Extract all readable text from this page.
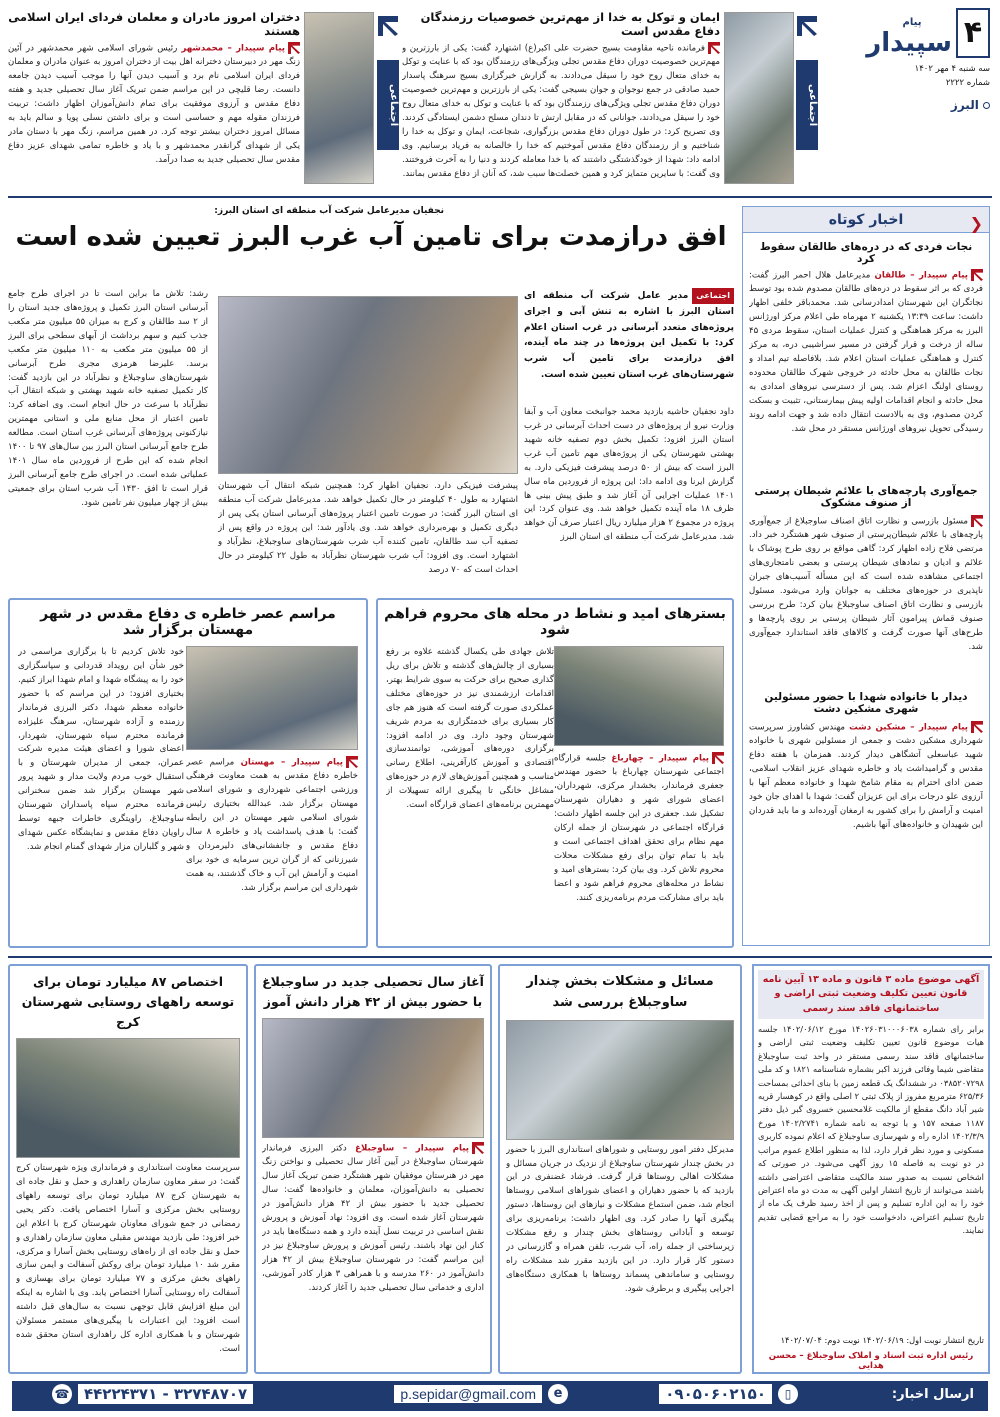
۴
پیام
سپیدار
سه شنبه ۴ مهر ۱۴۰۲
شماره ۲۲۲۲
البرز
اجتماعی
ایمان و توکل به خدا از مهم‌ترین خصوصیات رزمندگان دفاع مقدس است
فرمانده ناحیه مقاومت بسیج حضرت علی اکبر(ع) اشتهارد گفت: یکی از بارزترین و مهم‌ترین خصوصیت دوران دفاع مقدس تجلی ویژگی‌های رزمندگان بود که با عنایت و توکل به خدای متعال روح خود را سیقل می‌دادند. به گزارش خبرگزاری بسیج سرهنگ پاسدار حمید صادقی در جمع نوجوان و جوان بسیجی گفت: یکی از بارزترین و مهم‌ترین خصوصیت دوران دفاع مقدس تجلی ویژگی‌های رزمندگان بود که با عنایت و توکل به خدای متعال روح خود را سیقل می‌دادند، جوانانی که در مقابل ارتش تا دندان مسلح دشمن ایستادگی کردند. وی تصریح کرد: در طول دوران دفاع مقدس بزرگواری، شجاعت، ایمان و توکل به خدا را شناختیم و از رزمندگان دفاع مقدس آموختیم که خدا را خالصانه به فریاد برسانیم. وی ادامه داد: شهدا از خودگذشتگی داشتند که با خدا معامله کردند و دنیا را به آخرت فروختند. وی گفت: با سایرین متمایز کرد و همین خصلت‌ها سبب شد، که آنان از دفاع مقدس بمانند.
اجتماعی
دختران امروز مادران و معلمان فردای ایران اسلامی هستند
پیام سپیدار – محمدشهر رئیس شورای اسلامی شهر محمدشهر در آئین زنگ مهر در دبیرستان دخترانه اهل بیت از دختران امروز به عنوان مادران و معلمان فردای ایران اسلامی نام برد و آسیب دیدن آنها را موجب آسیب دیدن جامعه دانست. رضا قلیچی در این مراسم ضمن تبریک آغاز سال تحصیلی جدید و هفته دفاع مقدس و آرزوی موفقیت برای تمام دانش‌آموزان اظهار داشت: تربیت فرزندان مقوله مهم و حساسی است و برای داشتن نسلی پویا و سالم باید به مسائل امروز دختران بیشتر توجه کرد. در همین مراسم، زنگ مهر با دستان مادر یکی از شهدای گرانقدر محمدشهر و با یاد و خاطره تمامی شهدای عزیز دفاع مقدس سال تحصیلی جدید به صدا درآمد.
اخبار کوتاه	❮
نجات فردی که در دره‌های طالقان سقوط کرد
پیام سپیدار – طالقان مدیرعامل هلال احمر البرز گفت: فردی که بر اثر سقوط در دره‌های طالقان مصدوم شده بود توسط نجاتگران این شهرستان امدادرسانی شد. محمدباقر خلفی اظهار داشت: ساعت ۱۳:۳۹ یکشنبه ۲ مهرماه طی اعلام مرکز اورژانس البرز به مرکز هماهنگی و کنترل عملیات استان، سقوط مردی ۴۵ ساله از درخت و قرار گرفتن در مسیر سراشیبی دره، به مرکز کنترل و هماهنگی عملیات استان اعلام شد. بلافاصله تیم امداد و نجات طالقان به محل حادثه در خروجی شهرک طالقان محدوده روستای اولنگ اعزام شد. پس از دسترسی نیروهای امدادی به محل حادثه و انجام اقدامات اولیه پیش بیمارستانی، تثبیت و بسکت کردن مصدوم، وی به بالادست انتقال داده شد و جهت ادامه روند رسیدگی تحویل نیروهای اورژانس مستقر در محل شد.
جمع‌آوری پارچه‌های با علائم شیطان پرستی از صنوف مشکوک
مسئول بازرسی و نظارت اتاق اصناف ساوجبلاغ از جمع‌آوری پارچه‌های با علائم شیطان‌پرستی از صنوف شهر هشتگرد خبر داد. مرتضی فلاح زاده اظهار کرد: گاهی مواقع بر روی طرح پوشاک با علائم و ادیان و نمادهای شیطان پرستی و بعضی نامتجاری‌های اجتماعی مشاهده شده است که این مسأله آسیب‌های جبران ناپذیری در حوزه‌های مختلف به جوانان وارد می‌شود. مسئول بازرسی و نظارت اتاق اصناف ساوجبلاغ بیان کرد: طرح بررسی صنوف قماش پیرامون آثار شیطان پرستی بر روی پارچه‌ها و طرح‌های آنها صورت گرفت و کالاهای فاقد استاندارد جمع‌آوری شد.
دیدار با خانواده شهدا با حضور مسئولین شهری مشکین دشت
پیام سپیدار – مشکین دشت مهندس کشاورز سرپرست شهرداری مشکین دشت و جمعی از مسئولین شهری با خانواده شهید عباسعلی آتشگاهی دیدار کردند. همزمان با هفته دفاع مقدس و گرامیداشت یاد و خاطره شهدای عزیز انقلاب اسلامی، ضمن ادای احترام به مقام شامخ شهدا و خانواده معظم آنها با آرزوی علو درجات برای این عزیزان گفت: شهدا با اهدای جان خود امنیت و آرامش را برای کشور به ارمغان آورده‌اند و ما باید قدردان این شهیدان و خانواده‌های آنها باشیم.
نجفیان مدیرعامل شرکت آب منطقه ای استان البرز:
افق درازمدت برای تامین آب غرب البرز تعیین شده است
اجتماعیمدیر عامل شرکت آب منطقه ای استان البرز با اشاره به تنش آبی و اجرای پروژه‌های متعدد آبرسانی در غرب استان اعلام کرد: با تکمیل این پروژه‌ها در چند ماه آینده، افق درازمدت برای تامین آب شرب شهرستان‌های غرب استان تعیین شده است.
داود نجفیان حاشیه بازدید محمد جوانبخت معاون آب و آبفا وزارت نیرو از پروژه‌های در دست احداث آبرسانی در غرب استان البرز افزود: تکمیل بخش دوم تصفیه خانه شهید بهشتی شهرستان یکی از پروژه‌های مهم تامین آب غرب البرز است که بیش از ۵۰ درصد پیشرفت فیزیکی دارد. به گزارش ایرنا وی ادامه داد: این پروژه از فروردین ماه سال ۱۴۰۱ عملیات اجرایی آن آغاز شد و طبق پیش بینی ها ظرف ۱۸ ماه آینده تکمیل خواهد شد. وی عنوان کرد: این پروژه در مجموع ۲ هزار میلیارد ریال اعتبار صرف آن خواهد شد. مدیرعامل شرکت آب منطقه ای استان البرز
پیشرفت فیزیکی دارد. نجفیان اظهار کرد: همچنین شبکه انتقال آب شهرستان اشتهارد به طول ۴۰ کیلومتر در حال تکمیل خواهد شد. مدیرعامل شرکت آب منطقه ای استان البرز گفت: در صورت تامین اعتبار پروژه‌های آبرسانی استان یکی پس از دیگری تکمیل و بهره‌برداری خواهد شد. وی یادآور شد: این پروژه در واقع پس از تصفیه آب سد طالقان، تامین کننده آب شرب شهرستان‌های ساوجبلاغ، نظرآباد و اشتهارد است. وی افزود: آب شرب شهرستان نظرآباد به طول ۲۲ کیلومتر در حال احداث است که ۷۰ درصد
رشد: تلاش ما براین است تا در اجرای طرح جامع آبرسانی استان البرز تکمیل و پروژه‌های جدید استان را از ۲ سد طالقان و کرج به میزان ۵۵ میلیون متر مکعب جذب کنیم و سهم برداشت از آبهای سطحی برای البرز از ۵۵ میلیون متر مکعب به ۱۱۰ میلیون متر مکعب برسد. علیرضا هرمزی مجری طرح آبرسانی شهرستان‌های ساوجبلاغ و نظرآباد در این بازدید گفت: کار تکمیل تصفیه خانه شهید بهشتی و شبکه انتقال آب نظرآباد با سرعت در حال انجام است. وی اضافه کرد: تامین اعتبار از محل منابع ملی و استانی مهمترین نیازکنونی پروژه‌های آبرسانی غرب استان است. مطالعه طرح جامع آبرسانی استان البرز بین سال‌های ۹۷ تا ۱۴۰۰ انجام شده که این طرح از فروردین ماه سال ۱۴۰۱ عملیاتی شده است. در اجرای طرح جامع آبرسانی البرز قرار است تا افق ۱۴۳۰ آب شرب استان برای جمعیتی بیش از چهار میلیون نفر تامین شود.
بسترهای امید و نشاط در محله های محروم فراهم شود
پیام سپیدار – چهارباغ جلسه قرارگاه اجتماعی شهرستان چهارباغ با حضور مهندس جعفری فرماندار، بخشدار مرکزی، شهرداران، اعضای شورای شهر و دهیاران شهرستان تشکیل شد. جعفری در این جلسه اظهار داشت: قرارگاه اجتماعی در شهرستان از جمله ارکان مهم نظام برای تحقق اهداف اجتماعی است و باید با تمام توان برای رفع مشکلات محلات محروم تلاش کرد. وی بیان کرد: بسترهای امید و نشاط در محله‌های محروم فراهم شود و اعضا باید برای مشارکت مردم برنامه‌ریزی کنند.
تلاش جهادی طی یکسال گذشته علاوه بر رفع بسیاری از چالش‌های گذشته و تلاش برای ریل گذاری صحیح برای حرکت به سوی شرایط بهتر، اقدامات ارزشمندی نیز در حوزه‌های مختلف عملکردی صورت گرفته است که هنوز هم جای کار بسیاری برای خدمتگزاری به مردم شریف شهرستان وجود دارد. وی در ادامه افزود: برگزاری دوره‌های آموزشی، توانمندسازی اقتصادی و آموزش کارآفرینی، اطلاع رسانی مناسب و همچنین آموزش‌های لازم در حوزه‌های مشاغل خانگی تا پیگیری ارائه تسهیلات از مهمترین برنامه‌های اعضای قرارگاه است.
مراسم عصر خاطره ی دفاع مقدس در شهر مهستان برگزار شد
پیام سپیدار – مهستان مراسم عصر خاطره دفاع مقدس به همت معاونت فرهنگی ورزشی اجتماعی شهرداری و شورای اسلامی مهستان برگزار شد. عبدالله بختیاری رئیس شورای اسلامی شهر مهستان در این رابطه گفت: با هدف پاسداشت یاد و خاطره ۸ سال دفاع مقدس و جانفشانی‌های دلیرمردان و شیرزنانی که از گران ترین سرمایه ی خود برای امنیت و آرامش این آب و خاک گذشتند، به همت شهرداری این مراسم برگزار شد.
خود تلاش کردیم تا با برگزاری مراسمی در خور شأن این رویداد قدردانی و سپاسگزاری خود را به پیشگاه شهدا و امام شهدا ابراز کنیم. بختیاری افزود: در این مراسم که با حضور خانواده معظم شهدا، دکتر البرزی فرماندار رزمنده و آزاده شهرستان، سرهنگ علیزاده فرمانده محترم سپاه شهرستان، شهردار، اعضای شورا و اعضای هیئت مدیره شرکت عمران، جمعی از مدیران شهرستان و با استقبال خوب مردم ولایت مدار و شهید پرور شهر مهستان برگزار شد ضمن سخنرانی فرمانده محترم سپاه پاسداران شهرستان ساوجبلاغ، راویتگری خاطرات جبهه توسط راویان دفاع مقدس و نمایشگاه عکس شهدای شهر و گلباران مزار شهدای گمنام انجام شد.
آگهی موضوع ماده ۳ قانون و ماده ۱۳ آیین نامه قانون تعیین تکلیف وضعیت ثبتی اراضی و ساختمانهای فاقد سند رسمی
برابر رای شماره ۱۴۰۲۶۰۳۱۰۰۰۶۰۳۸ مورخ ۱۴۰۲/۰۶/۱۲ جلسه هیات موضوع قانون تعیین تکلیف وضعیت ثبتی اراضی و ساختمانهای فاقد سند رسمی مستقر در واحد ثبت ساوجبلاغ متقاضی شیما وفائی فرزند اکبر بشماره شناسنامه ۱۸۲۱ و کد ملی ۰۳۸۵۲۰۷۲۹۸ در ششدانگ یک قطعه زمین با بنای احداثی بمساحت ۶۲۵/۳۶ مترمربع مفروز از پلاک ثبتی ۲ اصلی واقع در کوهسار قریه شیر آباد دانگ مقطع از مالکیت غلامحسین خسروی گبر ذیل دفتر ۱۱۸۷ صفحه ۱۵۷ و با توجه به نامه شماره ۱۴۰۲/۲۷۴۱ مورخ ۱۴۰۲/۳/۹ اداره راه و شهرسازی ساوجبلاغ که اعلام نموده کاربری مسکونی و مورد نظر قرار دارد، لذا به منظور اطلاع عموم مراتب در دو نوبت به فاصله ۱۵ روز آگهی می‌شود. در صورتی که اشخاص نسبت به صدور سند مالکیت متقاضی اعتراضی داشته باشند می‌توانند از تاریخ انتشار اولین آگهی به مدت دو ماه اعتراض خود را به این اداره تسلیم و پس از اخذ رسید ظرف یک ماه از تاریخ تسلیم اعتراض، دادخواست خود را به مراجع قضایی تقدیم نمایند.
تاریخ انتشار نوبت اول: ۱۴۰۲/۰۶/۱۹ نوبت دوم: ۱۴۰۲/۰۷/۰۴
رئیس اداره ثبت اسناد و املاک ساوجبلاغ – محسن هدایی
مسائل و مشکلات بخش چندار ساوجبلاغ بررسی شد
مدیرکل دفتر امور روستایی و شوراهای استانداری البرز با حضور در بخش چندار شهرستان ساوجبلاغ از نزدیک در جریان مسائل و مشکلات اهالی روستاها قرار گرفت. فرشاد غضنفری در این بازدید که با حضور دهیاران و اعضای شوراهای اسلامی روستاها انجام شد، ضمن استماع مشکلات و نیازهای این روستاها، دستور پیگیری آنها را صادر کرد. وی اظهار داشت: برنامه‌ریزی برای توسعه و آبادانی روستاهای بخش چندار و رفع مشکلات زیرساختی از جمله راه، آب شرب، تلفن همراه و گازرسانی در دستور کار قرار دارد. در این بازدید مقرر شد مشکلات راه روستایی و ساماندهی پسماند روستاها با همکاری دستگاه‌های اجرایی پیگیری و برطرف شود.
آغاز سال تحصیلی جدید در ساوجبلاغ با حضور بیش از ۴۲ هزار دانش آموز
پیام سپیدار – ساوجبلاغ دکتر البرزی فرماندار شهرستان ساوجبلاغ در آیین آغاز سال تحصیلی و نواختن زنگ مهر در هنرستان موفقیان شهر هشتگرد ضمن تبریک آغاز سال تحصیلی به دانش‌آموزان، معلمان و خانواده‌ها گفت: سال تحصیلی جدید با حضور بیش از ۴۲ هزار دانش‌آموز در شهرستان آغاز شده است. وی افزود: نهاد آموزش و پرورش نقش اساسی در تربیت نسل آینده دارد و همه دستگاه‌ها باید در کنار این نهاد باشند. رئیس آموزش و پرورش ساوجبلاغ نیز در این مراسم گفت: در شهرستان ساوجبلاغ بیش از ۴۲ هزار دانش‌آموز در ۲۶۰ مدرسه و با همراهی ۳ هزار کادر آموزشی، اداری و خدماتی سال تحصیلی جدید را آغاز کردند.
اختصاص ۸۷ میلیارد تومان برای توسعه راههای روستایی شهرستان کرج
سرپرست معاونت استانداری و فرمانداری ویژه شهرستان کرج گفت: در سفر معاون سازمان راهداری و حمل و نقل جاده ای به شهرستان کرج ۸۷ میلیارد تومان برای توسعه راههای روستایی بخش مرکزی و آسارا اختصاص یافت. دکتر یحیی رمضانی در جمع شورای معاونان شهرستان کرج با اعلام این خبر افزود: طی بازدید مهندس مقبلی معاون سازمان راهداری و حمل و نقل جاده ای از راه‌های روستایی بخش آسارا و مرکزی، مقرر شد ۱۰ میلیارد تومان برای روکش آسفالت و ایمن سازی راههای بخش مرکزی و ۷۷ میلیارد تومان برای بهسازی و آسفالت راه روستایی آسارا اختصاص یابد. وی با اشاره به اینکه این مبلغ افزایش قابل توجهی نسبت به سال‌های قبل داشته است افزود: این اعتبارات با پیگیری‌های مستمر مسئولان شهرستان و با همکاری اداره کل راهداری استان محقق شده است.
ارسال اخبار:
▯
۰۹۰۵۰۶۰۲۱۵۰
e
p.sepidar@gmail.com
۳۲۷۴۸۷۰۷ - ۴۴۲۲۴۳۷۱
☎
